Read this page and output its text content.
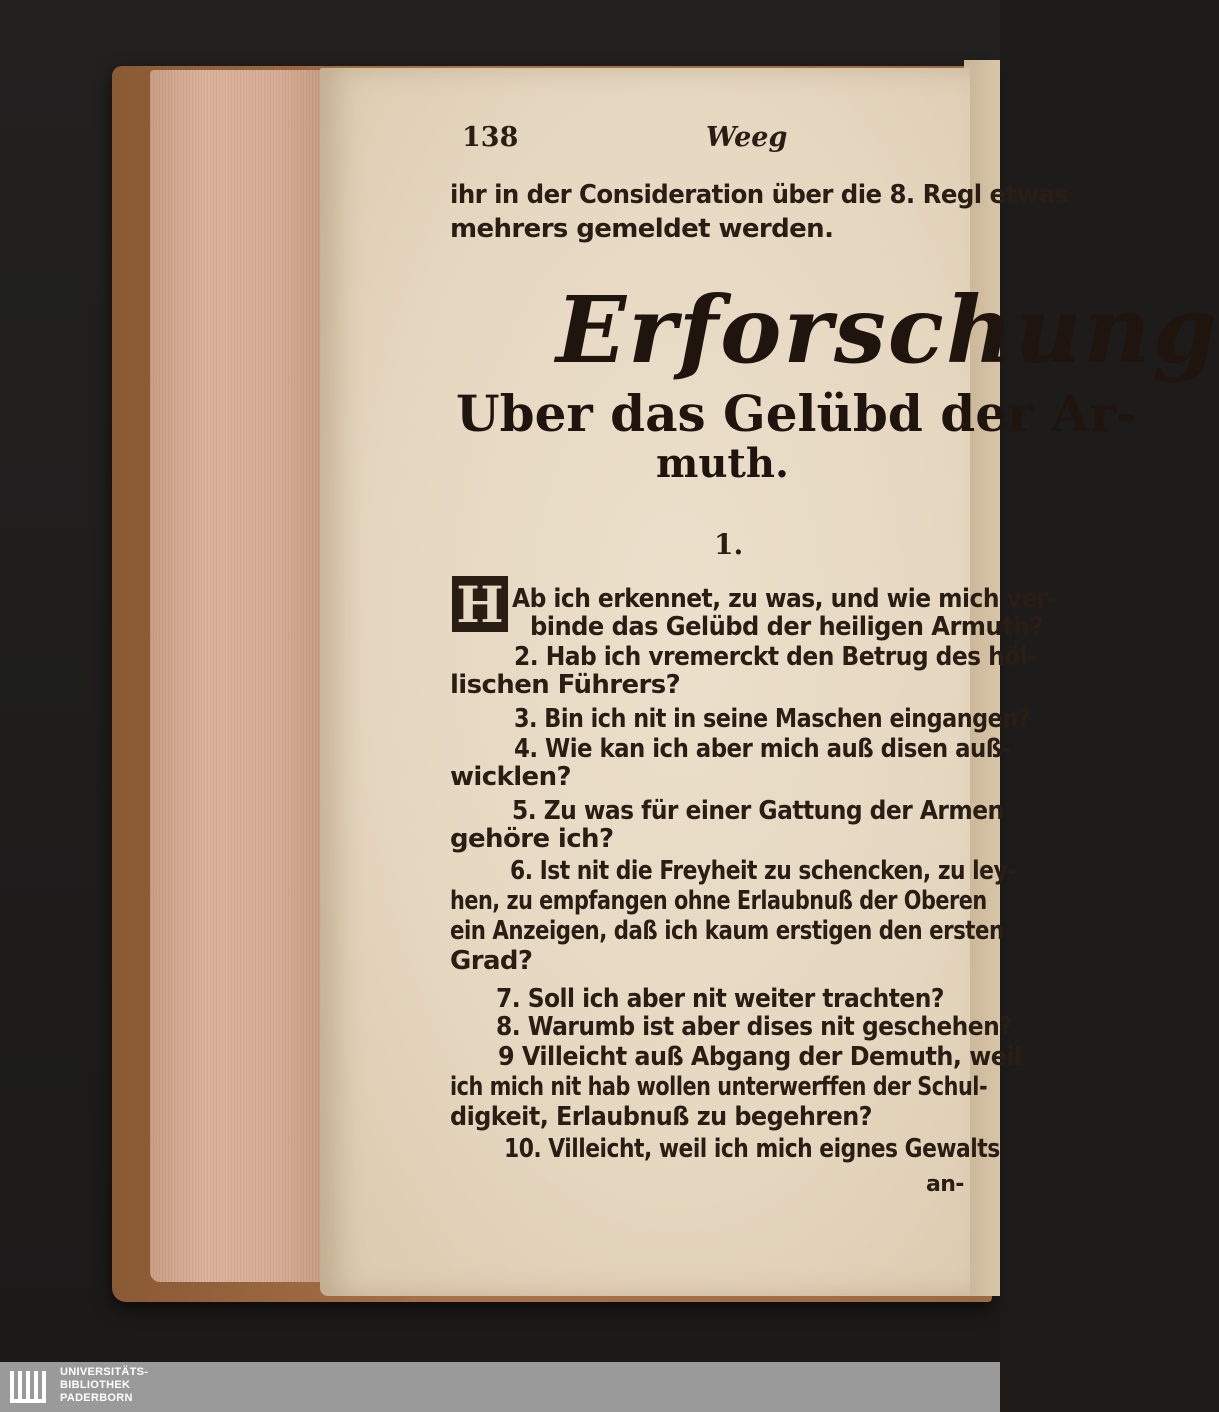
138	Weeg
ihr in der Consideration über die 8. Regl etwas
mehrers gemeldet werden.
Erforschung
Uber das Gelübd der Ar-
muth.
1.
H Ab ich erkennet, zu was, und wie mich ver-
binde das Gelübd der heiligen Armuth?
2. Hab ich vremerckt den Betrug des höl-
lischen Führers?
3. Bin ich nit in seine Maschen eingangen?
4. Wie kan ich aber mich auß disen auß-
wicklen?
5. Zu was für einer Gattung der Armen
gehöre ich?
6. Ist nit die Freyheit zu schencken, zu ley-
hen, zu empfangen ohne Erlaubnuß der Oberen
ein Anzeigen, daß ich kaum erstigen den ersten
Grad?
7. Soll ich aber nit weiter trachten?
8. Warumb ist aber dises nit geschehen?
9 Villeicht auß Abgang der Demuth, weil
ich mich nit hab wollen unterwerffen der Schul-
digkeit, Erlaubnuß zu begehren?
10. Villeicht, weil ich mich eignes Gewalts
an-
UNIVERSITÄTS-
BIBLIOTHEK
PADERBORN
